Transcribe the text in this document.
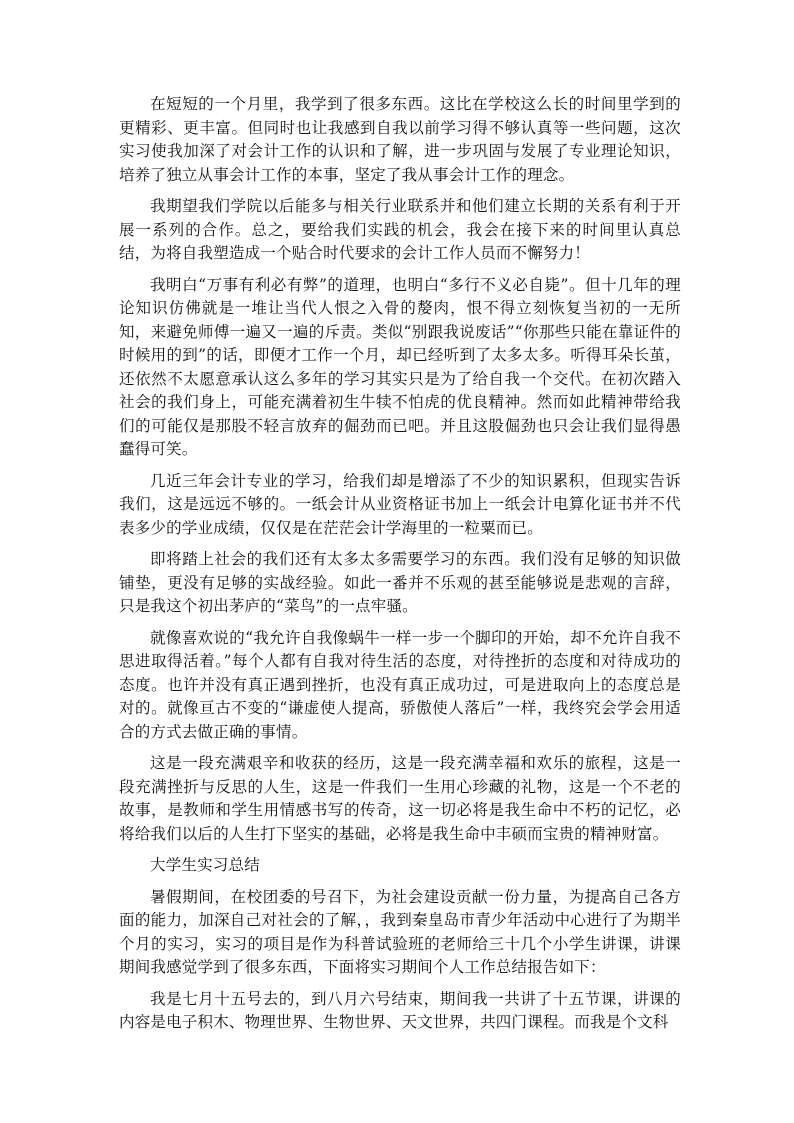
在短短的一个月里，我学到了很多东西。这比在学校这么长的时间里学到的更精彩、更丰富。但同时也让我感到自我以前学习得不够认真等一些问题，这次实习使我加深了对会计工作的认识和了解，进一步巩固与发展了专业理论知识，培养了独立从事会计工作的本事，坚定了我从事会计工作的理念。

我期望我们学院以后能多与相关行业联系并和他们建立长期的关系有利于开展一系列的合作。总之，要给我们实践的机会，我会在接下来的时间里认真总结，为将自我塑造成一个贴合时代要求的会计工作人员而不懈努力！

我明白“万事有利必有弊”的道理，也明白“多行不义必自毙”。但十几年的理论知识仿佛就是一堆让当代人恨之入骨的嫠肉，恨不得立刻恢复当初的一无所知，来避免师傅一遍又一遍的斥责。类似“别跟我说废话”“你那些只能在靠证件的时候用的到”的话，即便才工作一个月，却已经听到了太多太多。听得耳朵长茧，还依然不太愿意承认这么多年的学习其实只是为了给自我一个交代。在初次踏入社会的我们身上，可能充满着初生牛犊不怕虎的优良精神。然而如此精神带给我们的可能仅是那股不轻言放弃的倔劲而已吧。并且这股倔劲也只会让我们显得愚蠢得可笑。

几近三年会计专业的学习，给我们却是增添了不少的知识累积，但现实告诉我们，这是远远不够的。一纸会计从业资格证书加上一纸会计电算化证书并不代表多少的学业成绩，仅仅是在茫茫会计学海里的一粒粟而已。

即将踏上社会的我们还有太多太多需要学习的东西。我们没有足够的知识做铺垫，更没有足够的实战经验。如此一番并不乐观的甚至能够说是悲观的言辞，只是我这个初出茅庐的“菜鸟”的一点牢骚。

就像喜欢说的“我允许自我像蜗牛一样一步一个脚印的开始，却不允许自我不思进取得活着。”每个人都有自我对待生活的态度，对待挫折的态度和对待成功的态度。也许并没有真正遇到挫折，也没有真正成功过，可是进取向上的态度总是对的。就像亘古不变的“谦虚使人提高，骄傲使人落后”一样，我终究会学会用适合的方式去做正确的事情。

这是一段充满艰辛和收获的经历，这是一段充满幸福和欢乐的旅程，这是一段充满挫折与反思的人生，这是一件我们一生用心珍藏的礼物，这是一个不老的故事，是教师和学生用情感书写的传奇，这一切必将是我生命中不朽的记忆，必将给我们以后的人生打下坚实的基础，必将是我生命中丰硕而宝贵的精神财富。

大学生实习总结

暑假期间，在校团委的号召下，为社会建设贡献一份力量，为提高自己各方面的能力，加深自己对社会的了解，，我到秦皇岛市青少年活动中心进行了为期半个月的实习，实习的项目是作为科普试验班的老师给三十几个小学生讲课，讲课期间我感觉学到了很多东西，下面将实习期间个人工作总结报告如下：

我是七月十五号去的，到八月六号结束，期间我一共讲了十五节课，讲课的内容是电子积木、物理世界、生物世界、天文世界，共四门课程。而我是个文科
